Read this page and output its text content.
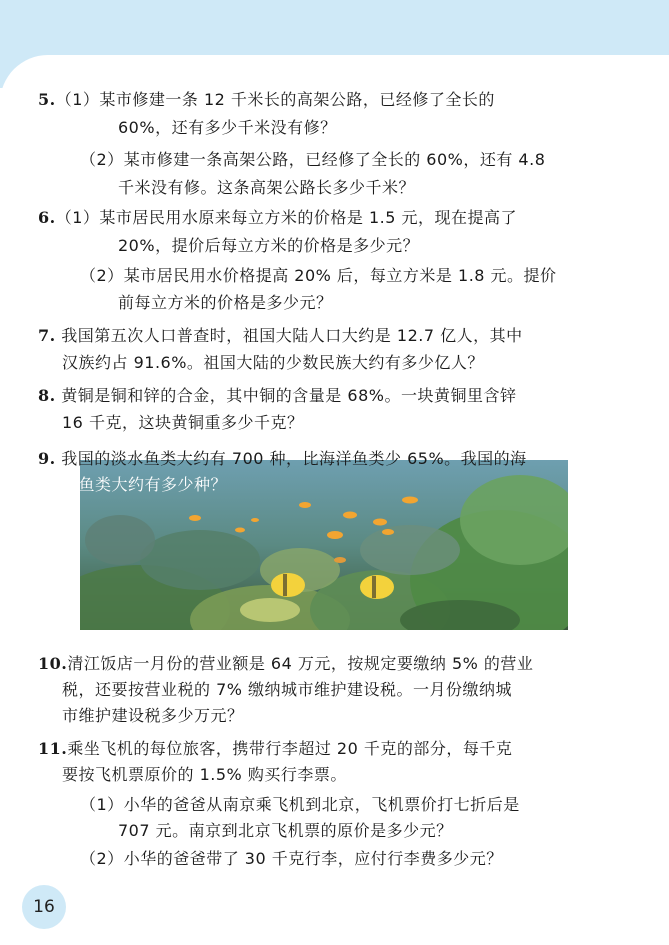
5.（1）某市修建一条 12 千米长的高架公路，已经修了全长的
60%，还有多少千米没有修？
（2）某市修建一条高架公路，已经修了全长的 60%，还有 4.8
千米没有修。这条高架公路长多少千米？
6.（1）某市居民用水原来每立方米的价格是 1.5 元，现在提高了
20%，提价后每立方米的价格是多少元？
（2）某市居民用水价格提高 20% 后，每立方米是 1.8 元。提价
前每立方米的价格是多少元？
7. 我国第五次人口普查时，祖国大陆人口大约是 12.7 亿人，其中
汉族约占 91.6%。祖国大陆的少数民族大约有多少亿人？
8. 黄铜是铜和锌的合金，其中铜的含量是 68%。一块黄铜里含锌
16 千克，这块黄铜重多少千克？
9. 我国的淡水鱼类大约有 700 种，比海洋鱼类少 65%。我国的海
洋鱼类大约有多少种？
10.清江饭店一月份的营业额是 64 万元，按规定要缴纳 5% 的营业
税，还要按营业税的 7% 缴纳城市维护建设税。一月份缴纳城
市维护建设税多少万元？
11.乘坐飞机的每位旅客，携带行李超过 20 千克的部分，每千克
要按飞机票原价的 1.5% 购买行李票。
（1）小华的爸爸从南京乘飞机到北京，飞机票价打七折后是
707 元。南京到北京飞机票的原价是多少元？
（2）小华的爸爸带了 30 千克行李，应付行李费多少元？
16
